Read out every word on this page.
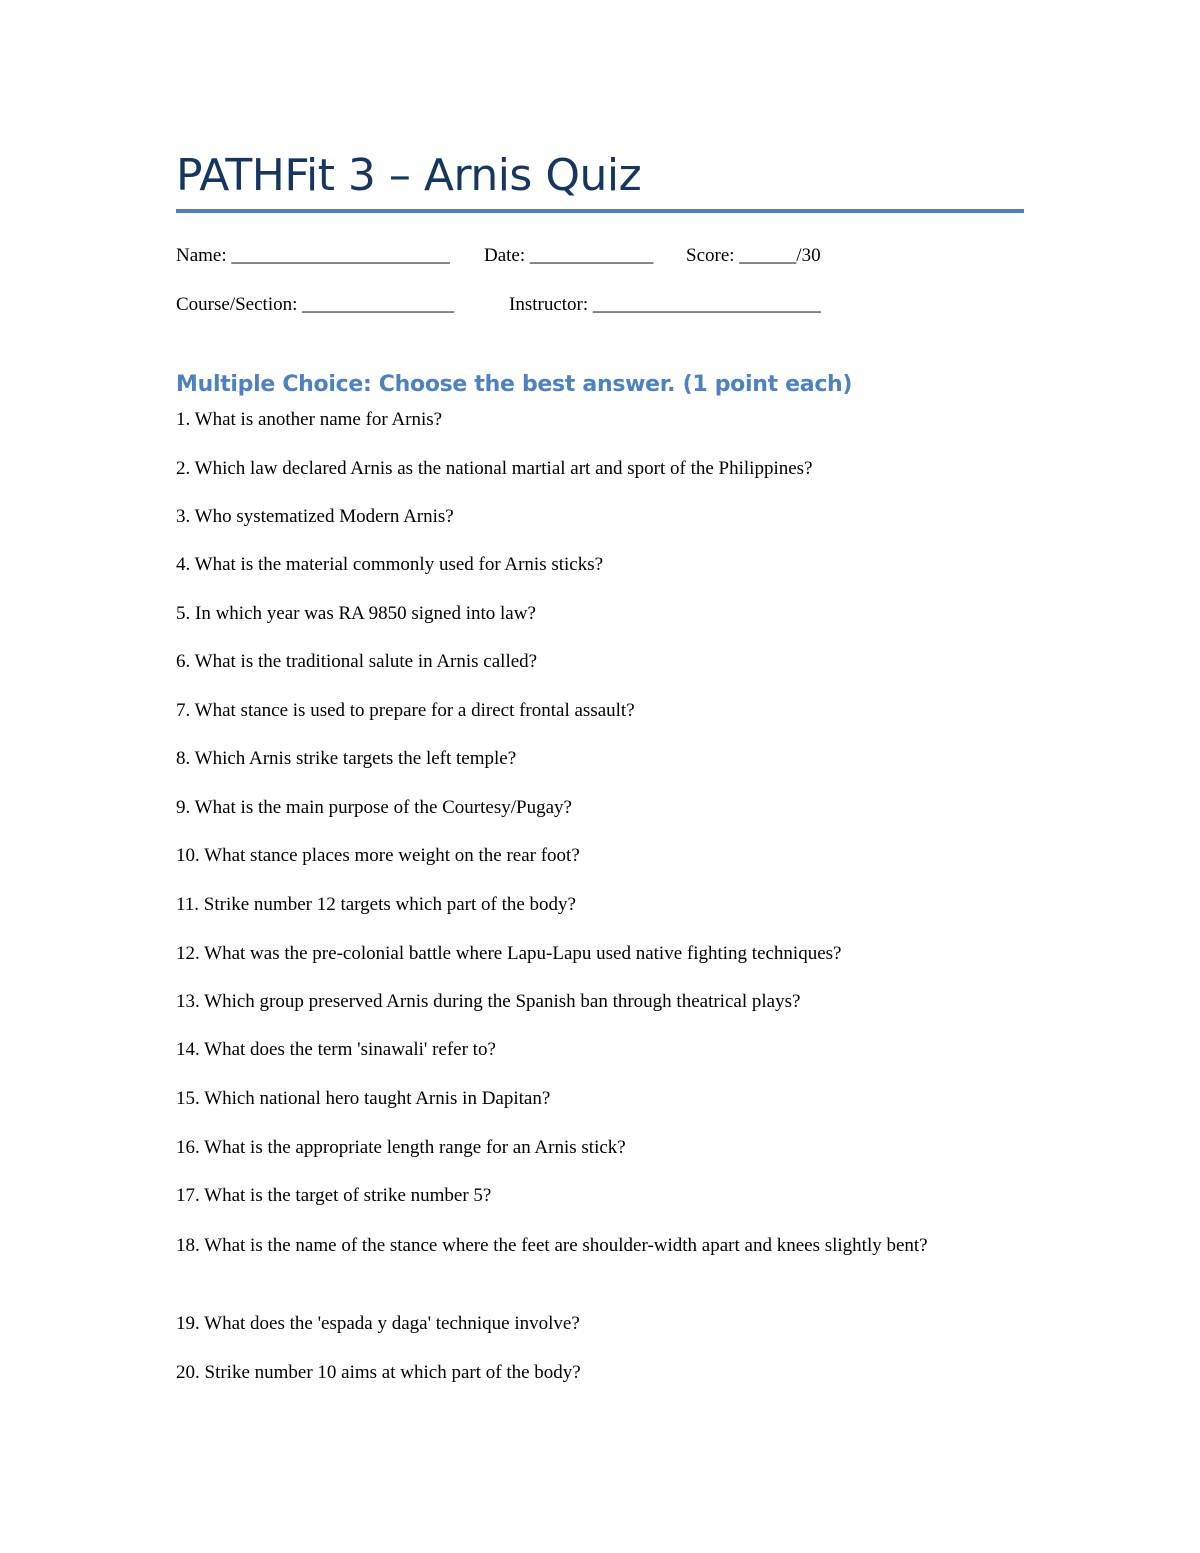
PATHFit 3 – Arnis Quiz
Name: _______________________ Date: _____________ Score: ______/30
Course/Section: ________________	Instructor: ________________________
Multiple Choice: Choose the best answer. (1 point each)
1. What is another name for Arnis?
2. Which law declared Arnis as the national martial art and sport of the Philippines?
3. Who systematized Modern Arnis?
4. What is the material commonly used for Arnis sticks?
5. In which year was RA 9850 signed into law?
6. What is the traditional salute in Arnis called?
7. What stance is used to prepare for a direct frontal assault?
8. Which Arnis strike targets the left temple?
9. What is the main purpose of the Courtesy/Pugay?
10. What stance places more weight on the rear foot?
11. Strike number 12 targets which part of the body?
12. What was the pre-colonial battle where Lapu-Lapu used native fighting techniques?
13. Which group preserved Arnis during the Spanish ban through theatrical plays?
14. What does the term 'sinawali' refer to?
15. Which national hero taught Arnis in Dapitan?
16. What is the appropriate length range for an Arnis stick?
17. What is the target of strike number 5?
18. What is the name of the stance where the feet are shoulder-width apart and knees slightly bent?
19. What does the 'espada y daga' technique involve?
20. Strike number 10 aims at which part of the body?
